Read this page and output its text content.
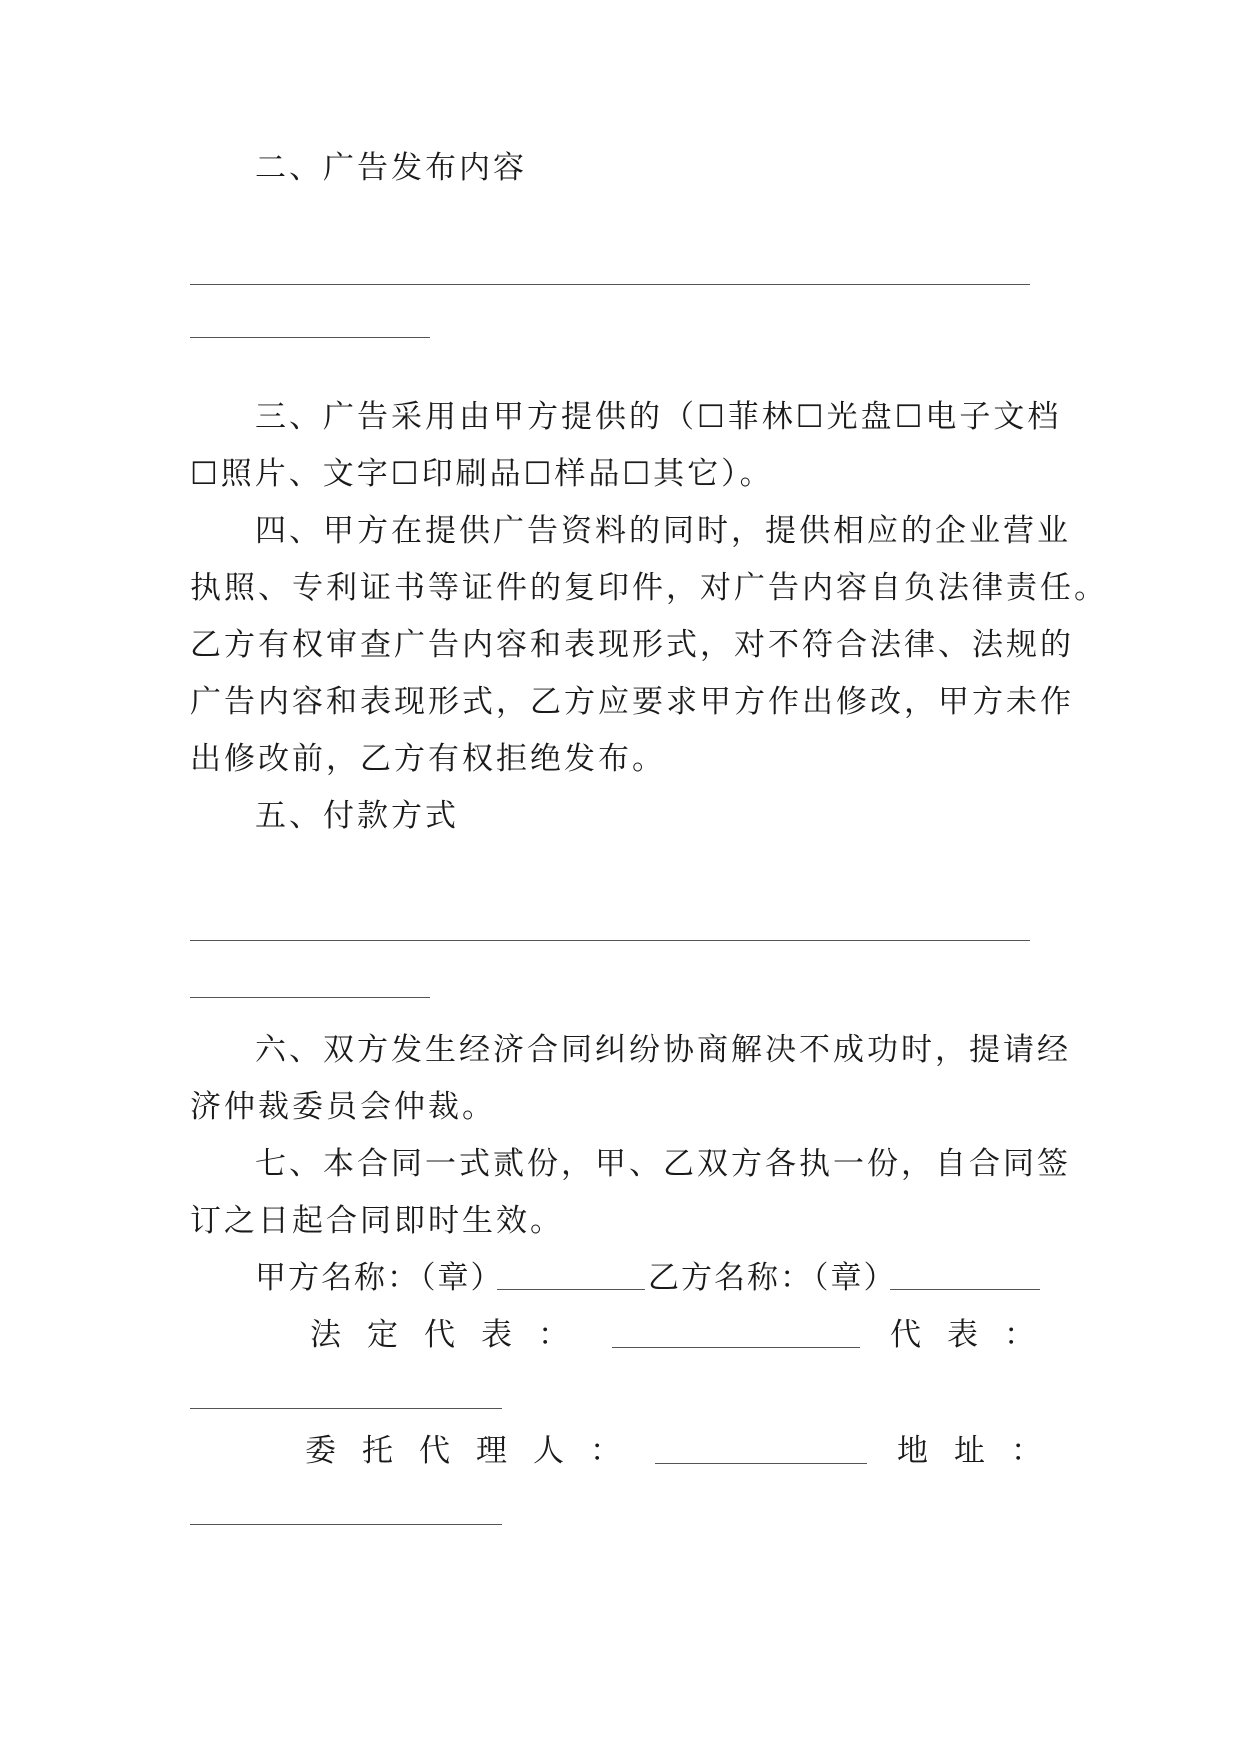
二、广告发布内容
三、广告采用由甲方提供的（☐菲林☐光盘☐电子文档
☐照片、文字☐印刷品☐样品☐其它）。
四、甲方在提供广告资料的同时，提供相应的企业营业
执照、专利证书等证件的复印件，对广告内容自负法律责任。
乙方有权审查广告内容和表现形式，对不符合法律、法规的
广告内容和表现形式，乙方应要求甲方作出修改，甲方未作
出修改前，乙方有权拒绝发布。
五、付款方式
六、双方发生经济合同纠纷协商解决不成功时，提请经
济仲裁委员会仲裁。
七、本合同一式贰份，甲、乙双方各执一份，自合同签
订之日起合同即时生效。
甲方名称：（章）	乙方名称：（章）
法定代表：	代表：
委托代理人：	地址：
